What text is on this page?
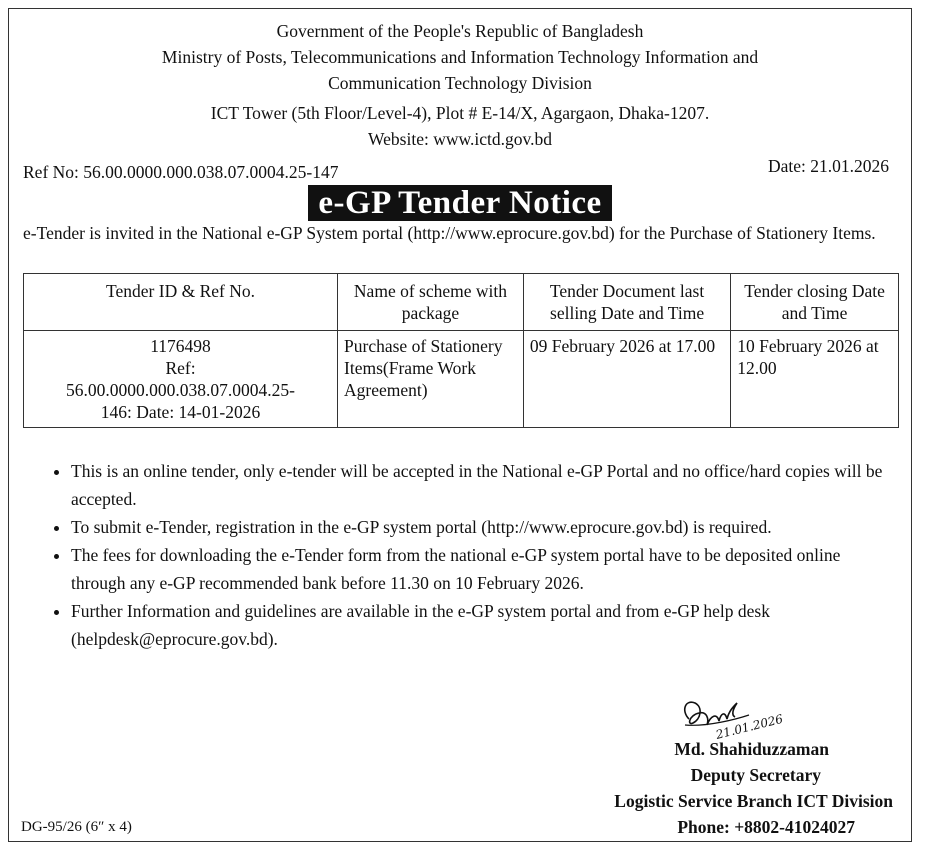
Government of the People's Republic of Bangladesh
Ministry of Posts, Telecommunications and Information Technology Information and
Communication Technology Division
ICT Tower (5th Floor/Level-4), Plot # E-14/X, Agargaon, Dhaka-1207.
Website: www.ictd.gov.bd
Ref No: 56.00.0000.000.038.07.0004.25-147	Date: 21.01.2026
e-GP Tender Notice
e-Tender is invited in the National e-GP System portal (http://www.eprocure.gov.bd) for the Purchase of Stationery Items.
Tender ID & Ref No.	Name of scheme with package	Tender Document last selling Date and Time	Tender closing Date and Time

1176498
Ref:
56.00.0000.000.038.07.0004.25-
146: Date: 14-01-2026	Purchase of Stationery Items(Frame Work Agreement)	09 February 2026 at 17.00	10 February 2026 at 12.00
• This is an online tender, only e-tender will be accepted in the National e-GP Portal and no office/hard copies will be accepted.
• To submit e-Tender, registration in the e-GP system portal (http://www.eprocure.gov.bd) is required.
• The fees for downloading the e-Tender form from the national e-GP system portal have to be deposited online through any e-GP recommended bank before 11.30 on 10 February 2026.
• Further Information and guidelines are available in the e-GP system portal and from e-GP help desk (helpdesk@eprocure.gov.bd).
21.01.2026
Md. Shahiduzzaman
Deputy Secretary
Logistic Service Branch ICT Division
Phone: +8802-41024027
DG-95/26 (6″ x 4)
